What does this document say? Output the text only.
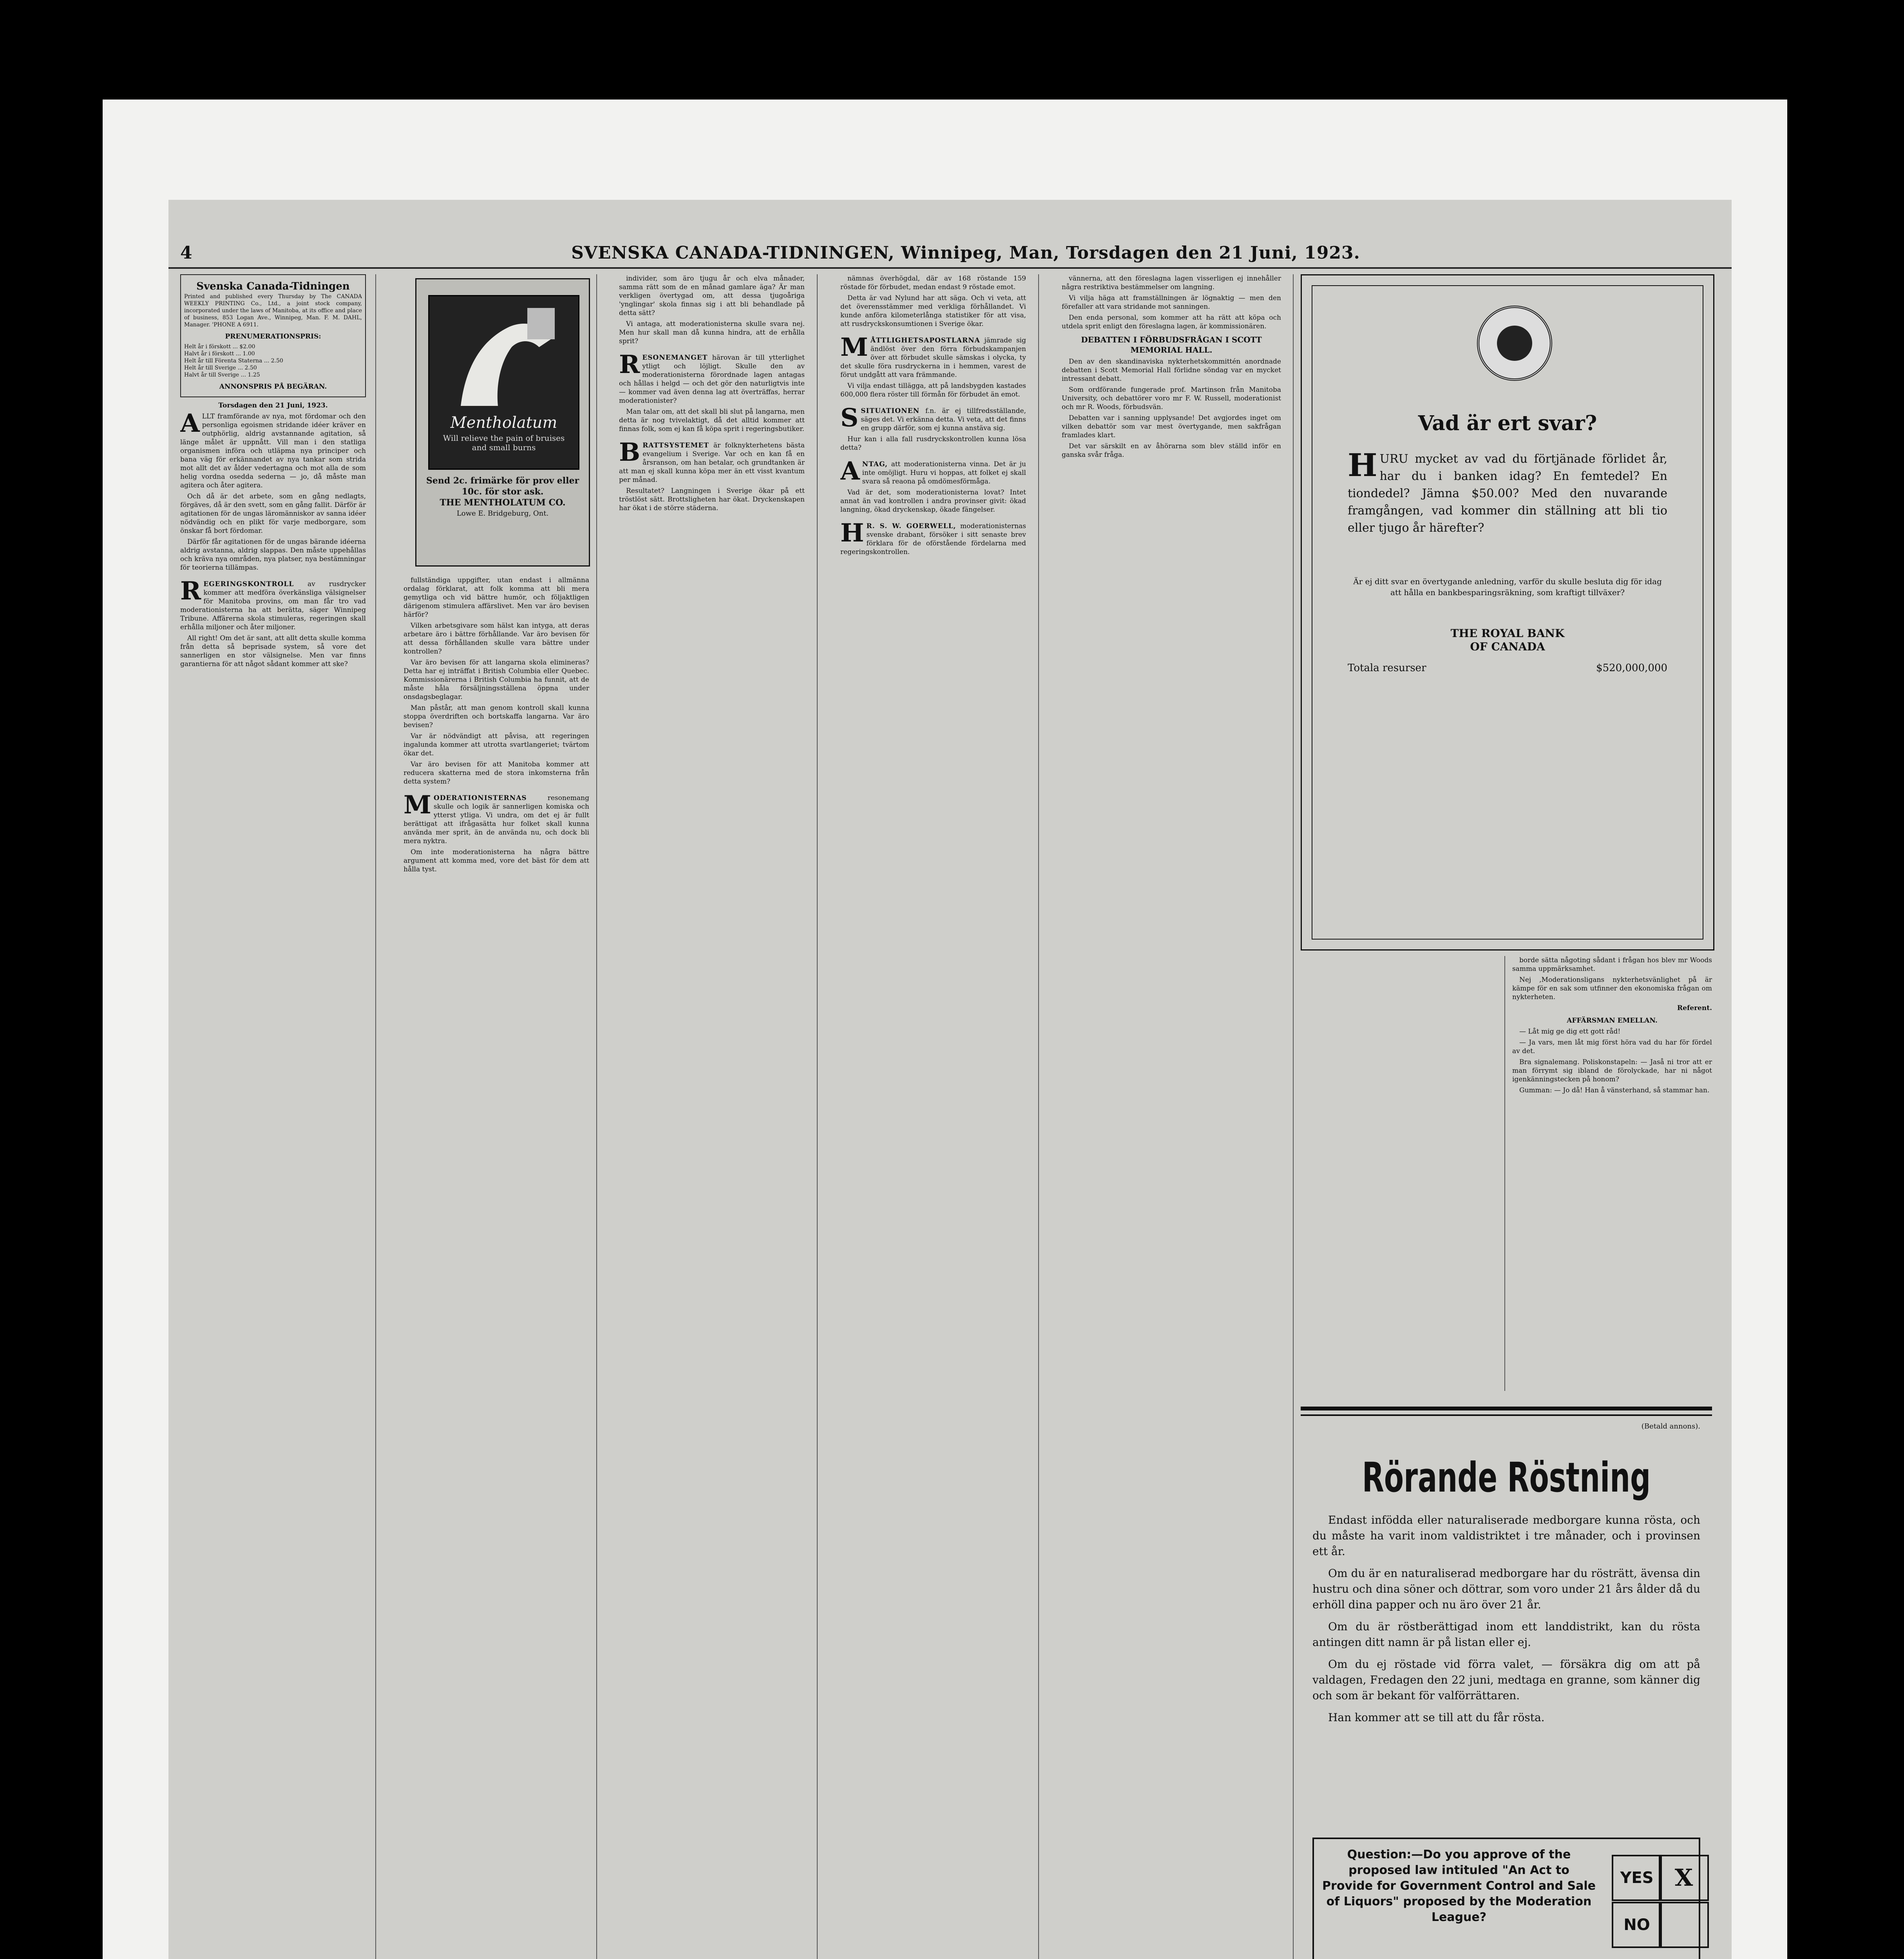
4	SVENSKA CANADA-TIDNINGEN, Winnipeg, Man, Torsdagen den 21 Juni, 1923.
Svenska Canada-Tidningen
Printed and published every Thursday by The CANADA WEEKLY PRINTING Co., Ltd., a joint stock company, incorporated under the laws of Manitoba, at its office and place of business, 853 Logan Ave., Winnipeg, Man. F. M. DAHL, Manager. 'PHONE A 6911.
PRENUMERATIONSPRIS:
Helt år i förskott ... $2.00
Halvt år i förskott ... 1.00
Helt år till Förenta Staterna ... 2.50
Helt år till Sverige ... 2.50
Halvt år till Sverige ... 1.25
ANNONSPRIS PÅ BEGÄRAN.
Torsdagen den 21 Juni, 1923.

ALLT framförande av nya, mot fördomar och den personliga egoismen stridande idéer kräver en outphörlig, aldrig avstannande agitation, så länge målet är uppnått. Vill man i den statliga organismen införa och utläpma nya principer och bana väg för erkännandet av nya tankar som strida mot allt det av ålder vedertagna och mot alla de som helig vordna osedda sederna — jo, då måste man agitera och åter agitera.

Och då är det arbete, som en gång nedlagts, förgäves, då är den svett, som en gång fallit. Därför är agitationen för de ungas läromänniskor av sanna idéer nödvändig och en plikt för varje medborgare, som önskar få bort fördomar.

Därför får agitationen för de ungas bärande idéerna aldrig avstanna, aldrig slappas. Den måste uppehållas och kräva nya områden, nya platser, nya bestämningar för teorierna tillämpas.

REGERINGSKONTROLL av rusdrycker kommer att medföra överkänsliga välsignelser för Manitoba provins, om man får tro vad moderationisterna ha att berätta, säger Winnipeg Tribune. Affärerna skola stimuleras, regeringen skall erhålla miljoner och åter miljoner.

All right! Om det är sant, att allt detta skulle komma från detta så beprisade system, så vore det sannerligen en stor välsignelse. Men var finns garantierna för att något sådant kommer att ske?

Mentholatum
Will relieve the pain of bruises and small burns
Send 2c. frimärke för prov eller 10c. för stor ask.
THE MENTHOLATUM CO.
Lowe E. Bridgeburg, Ont.

fullständiga uppgifter, utan endast i allmänna ordalag förklarat, att folk komma att bli mera gemytliga och vid bättre humör, och följaktligen därigenom stimulera affärslivet. Men var äro bevisen härför?

Vilken arbetsgivare som hälst kan intyga, att deras arbetare äro i bättre förhållande. Var äro bevisen för att dessa förhållanden skulle vara bättre under kontrollen?

Var äro bevisen för att langarna skola elimineras? Detta har ej inträffat i British Columbia eller Quebec. Kommissionärerna i British Columbia ha funnit, att de måste håla försäljningsställena öppna under onsdagsbeglagar.

Man påstår, att man genom kontroll skall kunna stoppa överdriften och bortskaffa langarna. Var äro bevisen?

Var är nödvändigt att påvisa, att regeringen ingalunda kommer att utrotta svartlangeriet; tvärtom ökar det.

Var äro bevisen för att Manitoba kommer att reducera skatterna med de stora inkomsterna från detta system?

MODERATIONISTERNAS	resonemang skulle och logik är sannerligen komiska och ytterst ytliga. Vi undra, om det ej är fullt berättigat att ifrågasätta hur folket skall kunna använda mer sprit, än de använda nu, och dock bli mera nyktra.

Om inte moderationisterna ha några bättre argument att komma med, vore det bäst för dem att hålla tyst.

individer, som äro tjugu år och elva månader, samma rätt som de en månad gamlare äga? Är man verkligen övertygad om, att dessa tjugoåriga 'ynglingar' skola finnas sig i att bli behandlade på detta sätt?

Vi antaga, att moderationisterna skulle svara nej. Men hur skall man då kunna hindra, att de erhålla sprit?

RESONEMANGET härovan är till ytterlighet ytligt och löjligt. Skulle den av moderationisterna förordnade lagen antagas och hållas i helgd — och det gör den naturligtvis inte — kommer vad även denna lag att överträffas, herrar moderationister?

Man talar om, att det skall bli slut på langarna, men detta är nog tvivelaktigt, då det alltid kommer att finnas folk, som ej kan få köpa sprit i regeringsbutiker.

BRATTSYSTEMET är folknykterhetens bästa evangelium i Sverige. Var och en kan få en årsranson, om han betalar, och grundtanken är att man ej skall kunna köpa mer än ett visst kvantum per månad.

Resultatet? Langningen i Sverige ökar på ett tröstlöst sätt. Brottsligheten har ökat. Dryckenskapen har ökat i de större städerna.

nämnas överhögdal, där av 168 röstande 159 röstade för förbudet, medan endast 9 röstade emot.

Detta är vad Nylund har att säga. Och vi veta, att det överensstämmer med verkliga förhållandet. Vi kunde anföra kilometerlånga statistiker för att visa, att rusdryckskonsumtionen i Sverige ökar.

MÅTTLIGHETSAPOSTLARNA jämrade sig ändlöst över den förra förbudskampanjen över att förbudet skulle sämskas i olycka, ty det skulle föra rusdryckerna in i hemmen, varest de förut undgått att vara främmande.

Vi vilja endast tillägga, att på landsbygden kastades 600,000 flera röster till förmån för förbudet än emot.

SSITUATIONEN f.n. är ej tillfredsställande, säges det. Vi erkänna detta. Vi veta, att det finns en grupp därför, som ej kunna anstäva sig.

Hur kan i alla fall rusdryckskontrollen kunna lösa detta?

ANTAG, att moderationisterna vinna. Det är ju inte omöjligt. Huru vi hoppas, att folket ej skall svara så reaona på omdömesförmåga.

Vad är det, som moderationisterna lovat? Intet annat än vad kontrollen i andra provinser givit: ökad langning, ökad dryckenskap, ökade fängelser.

H R. S. W. GOERWELL, moderationisternas svenske drabant, försöker i sitt senaste brev förklara för de oförstående fördelarna med regeringskontrollen.

vännerna, att den föreslagna lagen visserligen ej innehåller några restriktiva bestämmelser om langning.

Vi vilja häga att framställningen är lögnaktig — men den förefaller att vara stridande mot sanningen.

Den enda personal, som kommer att ha rätt att köpa och utdela sprit enligt den föreslagna lagen, är kommissionären.

DEBATTEN I FÖRBUDSFRÅGAN I SCOTT MEMORIAL HALL.

Den av den skandinaviska nykterhetskommittén anordnade debatten i Scott Memorial Hall förlidne söndag var en mycket intressant debatt.

Som ordförande fungerade prof. Martinson från Manitoba University, och debattörer voro mr F. W. Russell, moderationist och mr R. Woods, förbudsvän.

Debatten var i sanning upplysande! Det avgjordes inget om vilken debattör som var mest övertygande, men sakfrågan framlades klart.

Det var särskilt en av åhörarna som blev ställd inför en ganska svår fråga.

Vad är ert svar?
HURU mycket av vad du förtjänade förlidet år, har du i banken idag? En femtedel? En tiondedel? Jämna $50.00? Med den nuvarande framgången, vad kommer din ställning att bli tio eller tjugo år härefter?
Är ej ditt svar en övertygande anledning, varför du skulle besluta dig för idag att hålla en bankbesparingsräkning, som kraftigt tillväxer?
THE ROYAL BANK
OF CANADA
Totala resurser	$520,000,000

borde sätta någoting sådant i frågan hos blev mr Woods samma uppmärksamhet.

Nej ,Moderationsligans nykterhetsvänlighet på är kämpe för en sak som utfinner den ekonomiska frågan om nykterheten.

Referent.

AFFÄRSMAN EMELLAN.

— Låt mig ge dig ett gott råd!

— Ja vars, men låt mig först höra vad du har för fördel av det.

Bra signalemang. Poliskonstapeln: — Jaså ni tror att er man förrymt sig ibland de förolyckade, har ni något igenkänningstecken på honom?

Gumman: — Jo då! Han å vänsterhand, så stammar han.

(Betald annons).
Rörande Röstning

Endast infödda eller naturaliserade medborgare kunna rösta, och du måste ha varit inom valdistriktet i tre månader, och i provinsen ett år.

Om du är en naturaliserad medborgare har du rösträtt, ävensa din hustru och dina söner och döttrar, som voro under 21 års ålder då du erhöll dina papper och nu äro över 21 år.

Om du är röstberättigad inom ett landdistrikt, kan du rösta antingen ditt namn är på listan eller ej.

Om du ej röstade vid förra valet, — försäkra dig om att på valdagen, Fredagen den 22 juni, medtaga en granne, som känner dig och som är bekant för valförrättaren.

Han kommer att se till att du får rösta.

Question:—Do you approve of the proposed law intituled "An Act to Provide for Government Control and Sale of Liquors" proposed by the Moderation League?
YES X
NO
